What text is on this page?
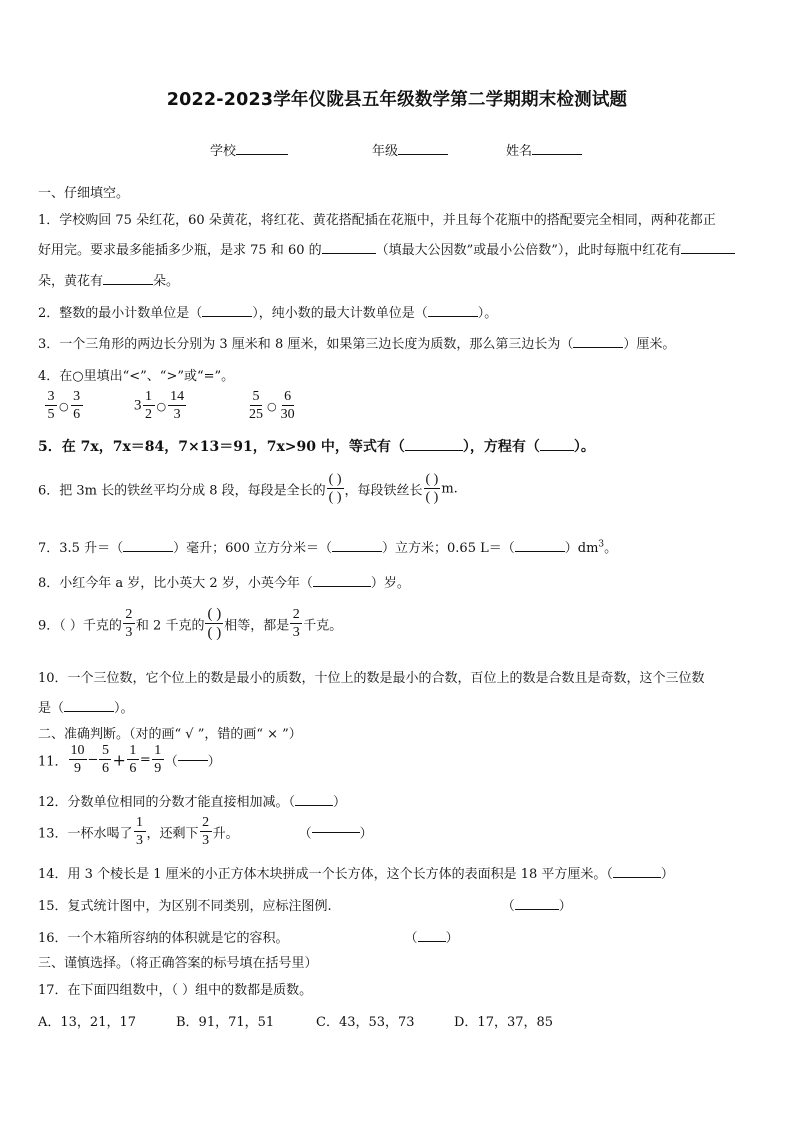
2022-2023学年仪陇县五年级数学第二学期期末检测试题
学校	年级	姓名
一、仔细填空。
1．学校购回 75 朵红花，60 朵黄花，将红花、黄花搭配插在花瓶中，并且每个花瓶中的搭配要完全相同，两种花都正
好用完。要求最多能插多少瓶，是求 75 和 60 的	（填最大公因数”或最小公倍数”），此时每瓶中红花有
朵，黄花有	朵。
2．整数的最小计数单位是（	），纯小数的最大计数单位是（	）。
3．一个三角形的两边长分别为 3 厘米和 8 厘米，如果第三边长度为质数，那么第三边长为（	）厘米。
4．在○里填出“<”、“>”或“=”。
$\frac{3}{5}$ ○ $\frac{3}{6}$	$3 \frac{1}{2}$ ○ $\frac{14}{3}$	$\frac{5}{25}$ ○ $\frac{6}{30}$
5．在 7x，7x＝84，7×13＝91，7x>90 中，等式有（	），方程有（ ）。
6．把 3m 长的铁丝平均分成 8 段，每段是全长的 $\frac{( )}{( )}$ ，每段铁丝长 $\frac{( )}{( )} m$.
7．3.5 升＝（	）毫升；600 立方分米＝（	）立方米；0.65 L＝（	）$dm^3$。
8．小红今年 a 岁，比小英大 2 岁，小英今年（	）岁。
9．（ ）千克的 $\frac{2}{3}$ 和 2 千克的 $\frac{( )}{( )}$ 相等，都是 $\frac{2}{3}$ 千克。
10．一个三位数，它个位上的数是最小的质数，十位上的数是最小的合数，百位上的数是合数且是奇数，这个三位数
是（	）。
二、准确判断。（对的画“ √ ”，错的画“ × ”）
11． $\frac{10}{9} - \frac{5}{6} + \frac{1}{6} = \frac{1}{9}$ （ ）
12．分数单位相同的分数才能直接相加减。（	）
13．一杯水喝了 $\frac{1}{3}$ ，还剩下 $\frac{2}{3}$ 升。	（	）
14．用 3 个棱长是 1 厘米的小正方体木块拼成一个长方体，这个长方体的表面积是 18 平方厘米。（	）
15．复式统计图中，为区别不同类别，应标注图例.	（	）
16．一个木箱所容纳的体积就是它的容积。	（ ）
三、谨慎选择。（将正确答案的标号填在括号里）
17．在下面四组数中，（ ）组中的数都是质数。
A．13，21，17	B．91，71，51	C．43，53，73	D．17，37，85
